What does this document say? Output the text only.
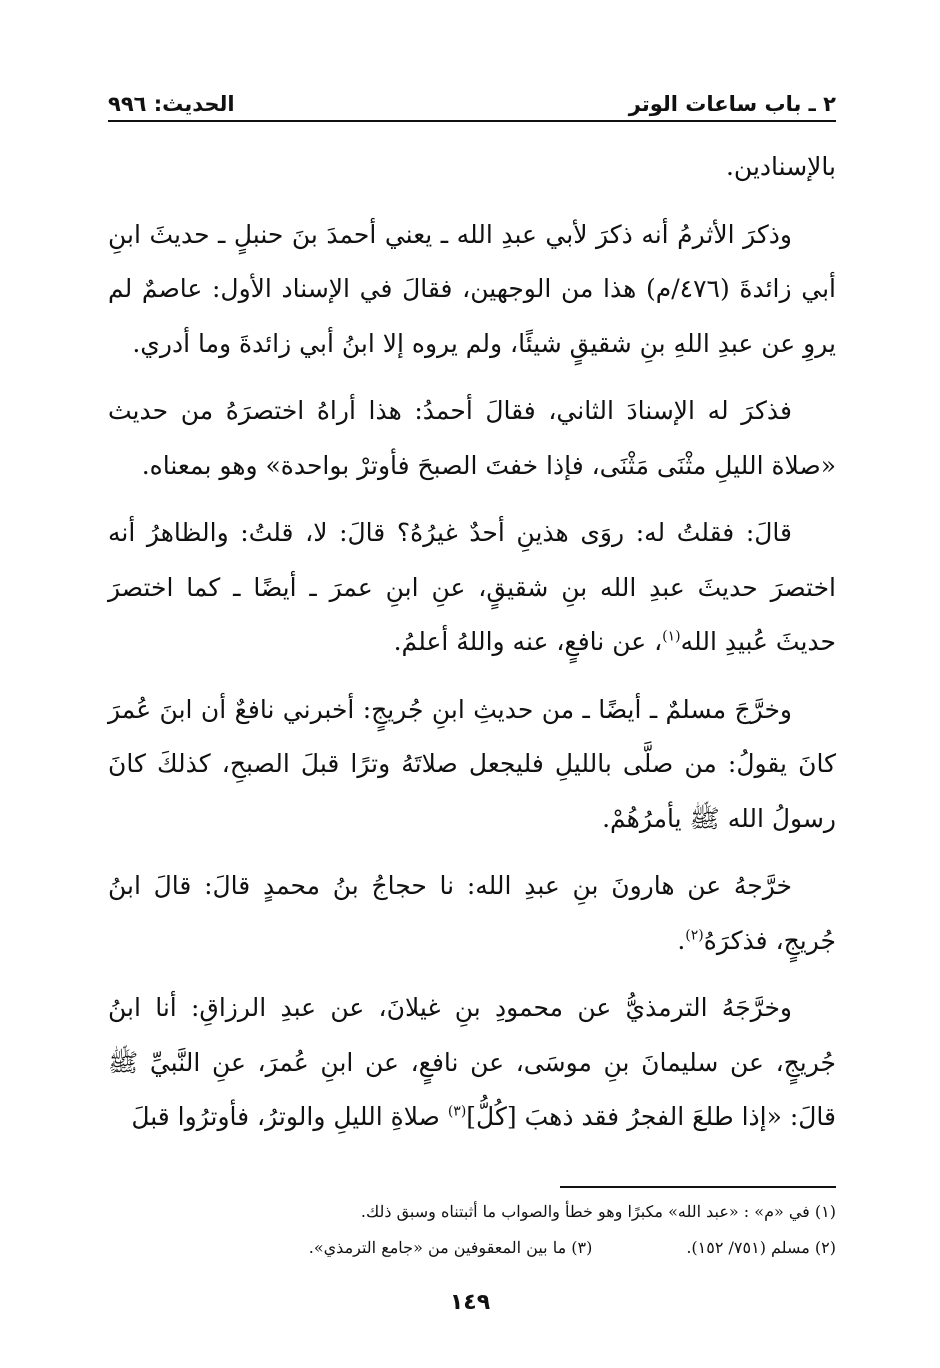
٢ ـ باب ساعات الوتر
الحديث: ٩٩٦

بالإسنادين.

وذكرَ الأثرمُ أنه ذكرَ لأبي عبدِ الله ـ يعني أحمدَ بنَ حنبلٍ ـ حديثَ ابنِ أبي زائدةَ (٤٧٦/م) هذا من الوجهين، فقالَ في الإسناد الأول: عاصمٌ لم يروِ عن عبدِ اللهِ بنِ شقيقٍ شيئًا، ولم يروه إلا ابنُ أبي زائدةَ وما أدري.

فذكرَ له الإسنادَ الثاني، فقالَ أحمدُ: هذا أراهُ اختصرَهُ من حديث «صلاة الليلِ مثْنَى مَثْنَى، فإذا خفتَ الصبحَ فأوترْ بواحدة» وهو بمعناه.

قالَ: فقلتُ له: روَى هذينِ أحدٌ غيرُهُ؟ قالَ: لا، قلتُ: والظاهرُ أنه اختصرَ حديثَ عبدِ الله بنِ شقيقٍ، عنِ ابنِ عمرَ ـ أيضًا ـ كما اختصرَ حديثَ عُبيدِ الله$^{(١)}$، عن نافعٍ، عنه واللهُ أعلمُ.

وخرَّجَ مسلمٌ ـ أيضًا ـ من حديثِ ابنِ جُريجٍ: أخبرني نافعٌ أن ابنَ عُمرَ كانَ يقولُ: من صلَّى بالليلِ فليجعل صلاتَهُ وترًا قبلَ الصبحِ، كذلكَ كانَ رسولُ الله ﷺ يأمرُهُمْ.

خرَّجهُ عن هارونَ بنِ عبدِ الله: نا حجاجُ بنُ محمدٍ قالَ: قالَ ابنُ جُريجٍ، فذكرَهُ$^{(٢)}$.

وخرَّجَهُ الترمذيُّ عن محمودِ بنِ غيلانَ، عن عبدِ الرزاقِ: أنا ابنُ جُريجٍ، عن سليمانَ بنِ موسَى، عن نافعٍ، عن ابنِ عُمرَ، عنِ النَّبيِّ ﷺ قالَ: «إذا طلعَ الفجرُ فقد ذهبَ [كُلُّ]$^{(٣)}$ صلاةِ الليلِ والوترُ، فأوترُوا قبلَ

(١) في «م» : «عبد الله» مكبرًا وهو خطأ والصواب ما أثبتناه وسبق ذلك.
(٢) مسلم (٧٥١/ ١٥٢).
(٣) ما بين المعقوفين من «جامع الترمذي».
١٤٩
